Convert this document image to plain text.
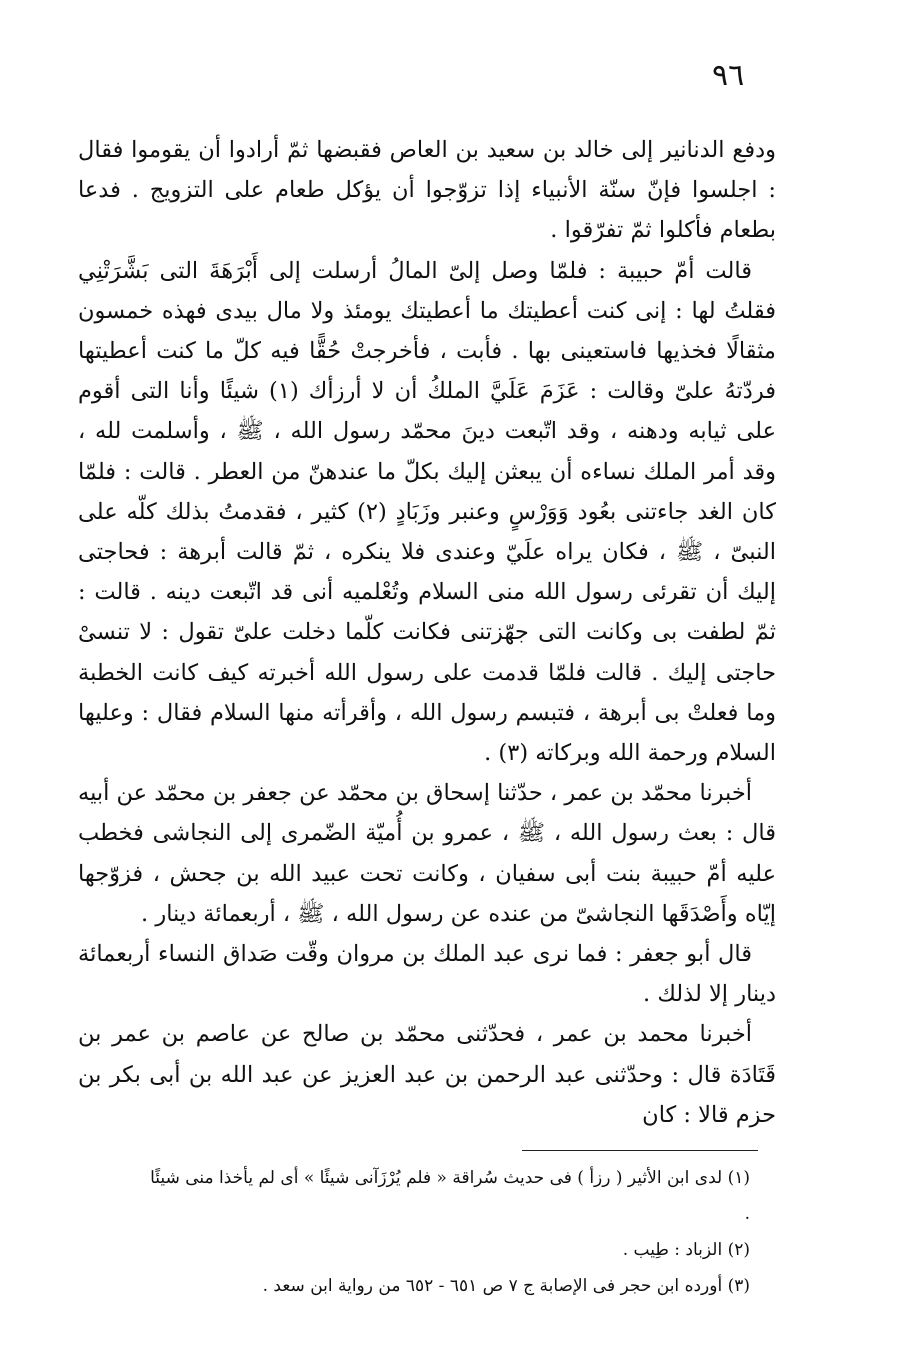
٩٦

ودفع الدنانير إلى خالد بن سعيد بن العاص فقبضها ثمّ أرادوا أن يقوموا فقال : اجلسوا فإنّ سنّة الأنبياء إذا تزوّجوا أن يؤكل طعام على التزويج . فدعا بطعام فأكلوا ثمّ تفرّقوا .

قالت أمّ حبيبة : فلمّا وصل إلىّ المالُ أرسلت إلى أَبْرَهَةَ التى بَشَّرَتْنِي فقلتُ لها : إنى كنت أعطيتك ما أعطيتك يومئذ ولا مال بيدى فهذه خمسون مثقالًا فخذيها فاستعينى بها . فأبت ، فأخرجتْ حُقًّا فيه كلّ ما كنت أعطيتها فردّتهُ علىّ وقالت : عَزَمَ عَلَيَّ الملكُ أن لا أرزأك (١) شيئًا وأنا التى أقوم على ثيابه ودهنه ، وقد اتّبعت دينَ محمّد رسول الله ، ﷺ ، وأسلمت لله ، وقد أمر الملك نساءه أن يبعثن إليك بكلّ ما عندهنّ من العطر . قالت : فلمّا كان الغد جاءتنى بعُود وَوَرْسٍ وعنبر وزَبَادٍ (٢) كثير ، فقدمتُ بذلك كلّه على النبىّ ، ﷺ ، فكان يراه علَيّ وعندى فلا ينكره ، ثمّ قالت أبرهة : فحاجتى إليك أن تقرئى رسول الله منى السلام وتُعْلميه أنى قد اتّبعت دينه . قالت : ثمّ لطفت بى وكانت التى جهّزتنى فكانت كلّما دخلت علىّ تقول : لا تنسىْ حاجتى إليك . قالت فلمّا قدمت على رسول الله أخبرته كيف كانت الخطبة وما فعلتْ بى أبرهة ، فتبسم رسول الله ، وأقرأته منها السلام فقال : وعليها السلام ورحمة الله وبركاته (٣) .

أخبرنا محمّد بن عمر ، حدّثنا إسحاق بن محمّد عن جعفر بن محمّد عن أبيه قال : بعث رسول الله ، ﷺ ، عمرو بن أُميّة الضّمرى إلى النجاشى فخطب عليه أمّ حبيبة بنت أبى سفيان ، وكانت تحت عبيد الله بن جحش ، فزوّجها إيّاه وأَصْدَقَها النجاشىّ من عنده عن رسول الله ، ﷺ ، أربعمائة دينار .

قال أبو جعفر : فما نرى عبد الملك بن مروان وقّت صَداق النساء أربعمائة دينار إلا لذلك .

أخبرنا محمد بن عمر ، فحدّثنى محمّد بن صالح عن عاصم بن عمر بن قَتَادَة قال : وحدّثنى عبد الرحمن بن عبد العزيز عن عبد الله بن أبى بكر بن حزم قالا : كان

(١) لدى ابن الأثير ( رزأ ) فى حديث سُراقة « فلم يُرْزَآنى شيئًا » أى لم يأخذا منى شيئًا .

(٢) الزباد : طِيب .

(٣) أورده ابن حجر فى الإصابة ج ٧ ص ٦٥١ - ٦٥٢ من رواية ابن سعد .
